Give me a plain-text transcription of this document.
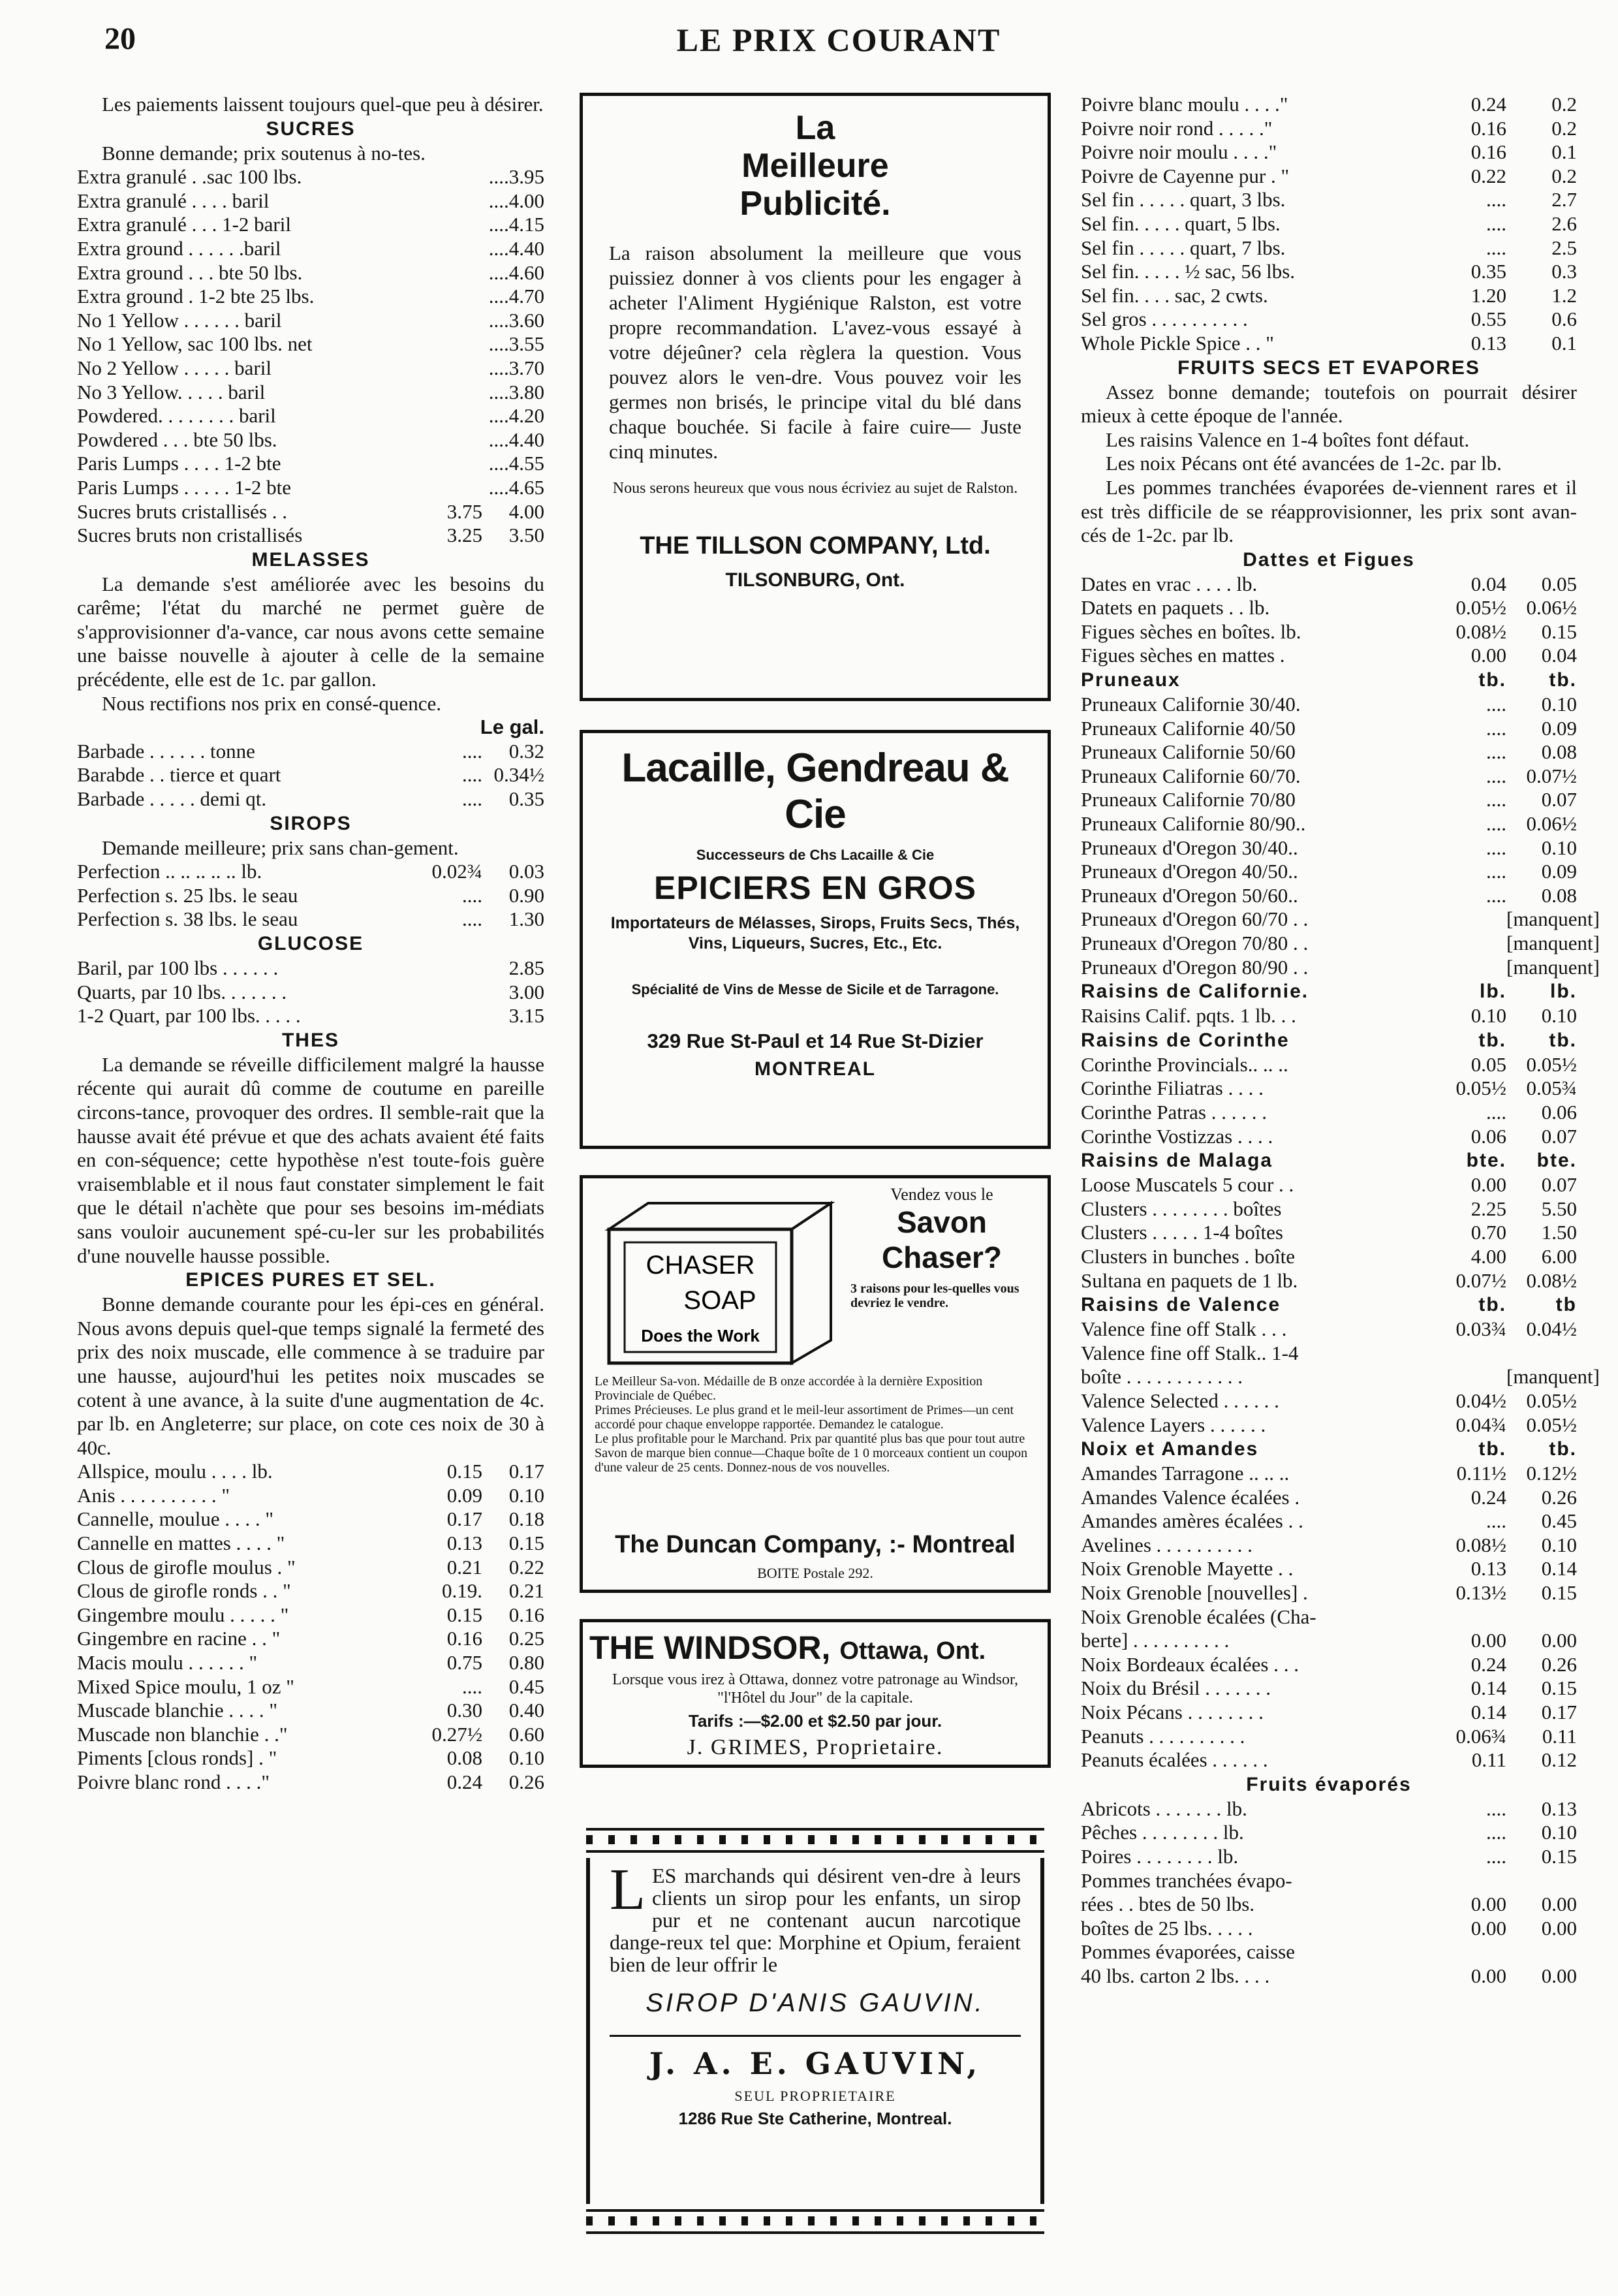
20	LE PRIX COURANT
Les paiements laissent toujours quel-que peu à désirer.
SUCRES
Bonne demande; prix soutenus à no-tes.
Extra granulé . .sac 100 lbs.	....3.95
Extra granulé . . . . baril	....4.00
Extra granulé . . . 1-2 baril	....4.15
Extra ground . . . . . .baril	....4.40
Extra ground . . . bte 50 lbs.	....4.60
Extra ground . 1-2 bte 25 lbs.	....4.70
No 1 Yellow . . . . . . baril	....3.60
No 1 Yellow, sac 100 lbs. net	....3.55
No 2 Yellow . . . . . baril	....3.70
No 3 Yellow. . . . . baril	....3.80
Powdered. . . . . . . . baril	....4.20
Powdered . . . bte 50 lbs.	....4.40
Paris Lumps . . . . 1-2 bte	....4.55
Paris Lumps . . . . . 1-2 bte	....4.65
Sucres bruts cristallisés . .	3.75	4.00
Sucres bruts non cristallisés	3.25	3.50
MELASSES
La demande s'est améliorée avec les besoins du carême; l'état du marché ne permet guère de s'approvisionner d'a-vance, car nous avons cette semaine une baisse nouvelle à ajouter à celle de la semaine précédente, elle est de 1c. par gallon.
Nous rectifions nos prix en consé-quence.
Le gal.
Barbade . . . . . . tonne	....	0.32
Barabde . . tierce et quart	.... 0.34½
Barbade . . . . . demi qt.	....	0.35
SIROPS
Demande meilleure; prix sans chan-gement.
Perfection .. .. .. .. .. lb.	0.02¾	0.03
Perfection s. 25 lbs. le seau	....	0.90
Perfection s. 38 lbs. le seau	....	1.30
GLUCOSE
Baril, par 100 lbs . . . . . .	2.85
Quarts, par 10 lbs. . . . . . .	3.00
1-2 Quart, par 100 lbs. . . . .	3.15
THES
La demande se réveille difficilement malgré la hausse récente qui aurait dû comme de coutume en pareille circons-tance, provoquer des ordres. Il semble-rait que la hausse avait été prévue et que des achats avaient été faits en con-séquence; cette hypothèse n'est toute-fois guère vraisemblable et il nous faut constater simplement le fait que le détail n'achète que pour ses besoins im-médiats sans vouloir aucunement spé-cu-ler sur les probabilités d'une nouvelle hausse possible.
EPICES PURES ET SEL.
Bonne demande courante pour les épi-ces en général. Nous avons depuis quel-que temps signalé la fermeté des prix des noix muscade, elle commence à se traduire par une hausse, aujourd'hui les petites noix muscades se cotent à une avance, à la suite d'une augmentation de 4c. par lb. en Angleterre; sur place, on cote ces noix de 30 à 40c.
Allspice, moulu . . . . lb.	0.15	0.17
Anis . . . . . . . . . . "	0.09	0.10
Cannelle, moulue . . . . "	0.17	0.18
Cannelle en mattes . . . . "	0.13	0.15
Clous de girofle moulus . "	0.21	0.22
Clous de girofle ronds . . "	0.19.	0.21
Gingembre moulu . . . . . "	0.15	0.16
Gingembre en racine . . "	0.16	0.25
Macis moulu . . . . . . "	0.75	0.80
Mixed Spice moulu, 1 oz "	....	0.45
Muscade blanchie . . . . "	0.30	0.40
Muscade non blanchie . ."	0.27½	0.60
Piments [clous ronds] . "	0.08	0.10
Poivre blanc rond . . . ."	0.24	0.26
Poivre blanc moulu . . . ."	0.24	0.2
Poivre noir rond . . . . ."	0.16	0.2
Poivre noir moulu . . . ."	0.16	0.1
Poivre de Cayenne pur . "	0.22	0.2
Sel fin . . . . . quart, 3 lbs.	....	2.7
Sel fin. . . . . quart, 5 lbs.	....	2.6
Sel fin . . . . . quart, 7 lbs.	....	2.5
Sel fin. . . . . ½ sac, 56 lbs.	0.35	0.3
Sel fin. . . . sac, 2 cwts.	1.20	1.2
Sel gros . . . . . . . . . .	0.55	0.6
Whole Pickle Spice . . "	0.13	0.1
FRUITS SECS ET EVAPORES
Assez bonne demande; toutefois on pourrait désirer mieux à cette époque de l'année.
Les raisins Valence en 1-4 boîtes font défaut.
Les noix Pécans ont été avancées de 1-2c. par lb.
Les pommes tranchées évaporées de-viennent rares et il est très difficile de se réapprovisionner, les prix sont avan-cés de 1-2c. par lb.
Dattes et Figues
Dates en vrac . . . . lb.	0.04	0.05
Datets en paquets . . lb.	0.05½ 0.06½
Figues sèches en boîtes. lb.	0.08½	0.15
Figues sèches en mattes .	0.00	0.04
Pruneaux	tb.	tb.
Pruneaux Californie 30/40.	....	0.10
Pruneaux Californie 40/50	....	0.09
Pruneaux Californie 50/60	....	0.08
Pruneaux Californie 60/70.	.... 0.07½
Pruneaux Californie 70/80	....	0.07
Pruneaux Californie 80/90..	.... 0.06½
Pruneaux d'Oregon 30/40..	....	0.10
Pruneaux d'Oregon 40/50..	....	0.09
Pruneaux d'Oregon 50/60..	....	0.08
Pruneaux d'Oregon 60/70 . .	[manquent]
Pruneaux d'Oregon 70/80 . .	[manquent]
Pruneaux d'Oregon 80/90 . .	[manquent]
Raisins de Californie.	lb.	lb.
Raisins Calif. pqts. 1 lb. . .	0.10	0.10
Raisins de Corinthe	tb.	tb.
Corinthe Provincials.. .. ..	0.05 0.05½
Corinthe Filiatras . . . .	0.05½ 0.05¾
Corinthe Patras . . . . . .	....	0.06
Corinthe Vostizzas . . . .	0.06	0.07
Raisins de Malaga	bte.	bte.
Loose Muscatels 5 cour . .	0.00	0.07
Clusters . . . . . . . . boîtes	2.25	5.50
Clusters . . . . . 1-4 boîtes	0.70	1.50
Clusters in bunches . boîte	4.00	6.00
Sultana en paquets de 1 lb.	0.07½ 0.08½
Raisins de Valence	tb.	tb
Valence fine off Stalk . . .	0.03¾ 0.04½
Valence fine off Stalk.. 1-4
boîte . . . . . . . . . . . .	[manquent]
Valence Selected . . . . . .	0.04½ 0.05½
Valence Layers . . . . . .	0.04¾ 0.05½
Noix et Amandes	tb.	tb.
Amandes Tarragone .. .. ..	0.11½ 0.12½
Amandes Valence écalées .	0.24	0.26
Amandes amères écalées . .	....	0.45
Avelines . . . . . . . . . .	0.08½	0.10
Noix Grenoble Mayette . .	0.13	0.14
Noix Grenoble [nouvelles] .	0.13½	0.15
Noix Grenoble écalées (Cha-
berte] . . . . . . . . . .	0.00	0.00
Noix Bordeaux écalées . . .	0.24	0.26
Noix du Brésil . . . . . . .	0.14	0.15
Noix Pécans . . . . . . . .	0.14	0.17
Peanuts . . . . . . . . . .	0.06¾	0.11
Peanuts écalées . . . . . .	0.11	0.12
Fruits évaporés
Abricots . . . . . . . lb.	....	0.13
Pêches . . . . . . . . lb.	....	0.10
Poires . . . . . . . . lb.	....	0.15
Pommes tranchées évapo-
rées . . btes de 50 lbs.	0.00	0.00
boîtes de 25 lbs. . . . .	0.00	0.00
Pommes évaporées, caisse
40 lbs. carton 2 lbs. . . .	0.00	0.00
La
Meilleure
Publicité.
La raison absolument la meilleure que vous puissiez donner à vos clients pour les engager à acheter l'Aliment Hygiénique Ralston, est votre propre recommandation. L'avez-vous essayé à votre déjeûner? cela règlera la question. Vous pouvez alors le ven-dre. Vous pouvez voir les germes non brisés, le principe vital du blé dans chaque bouchée. Si facile à faire cuire— Juste cinq minutes.
Nous serons heureux que vous nous écriviez au sujet de Ralston.
THE TILLSON COMPANY, Ltd.
TILSONBURG, Ont.
Lacaille, Gendreau & Cie
Successeurs de Chs Lacaille & Cie
EPICIERS EN GROS
Importateurs de Mélasses, Sirops, Fruits Secs, Thés, Vins, Liqueurs, Sucres, Etc., Etc.
Spécialité de Vins de Messe de Sicile et de Tarragone.
329 Rue St-Paul et 14 Rue St-Dizier
MONTREAL
CHASER
SOAP
Does the Work
Vendez vous le
Savon Chaser?
3 raisons pour les-quelles vous devriez le vendre.
Le Meilleur Sa-von. Médaille de B onze accordée à la dernière Exposition Provinciale de Québec.
Primes Précieuses. Le plus grand et le meil-leur assortiment de Primes—un cent accordé pour chaque enveloppe rapportée. Demandez le catalogue.
Le plus profitable pour le Marchand. Prix par quantité plus bas que pour tout autre Savon de marque bien connue—Chaque boîte de 1 0 morceaux contient un coupon d'une valeur de 25 cents. Donnez-nous de vos nouvelles.
The Duncan Company, :- Montreal
BOITE Postale 292.
THE WINDSOR, Ottawa, Ont.
Lorsque vous irez à Ottawa, donnez votre patronage au Windsor, "l'Hôtel du Jour" de la capitale.
Tarifs :—$2.00 et $2.50 par jour.
J. GRIMES, Proprietaire.
LES marchands qui désirent ven-dre à leurs clients un sirop pour les enfants, un sirop pur et ne contenant aucun narcotique dange-reux tel que: Morphine et Opium, feraient bien de leur offrir le
SIROP D'ANIS GAUVIN.
J. A. E. GAUVIN,
SEUL PROPRIETAIRE
1286 Rue Ste Catherine, Montreal.
